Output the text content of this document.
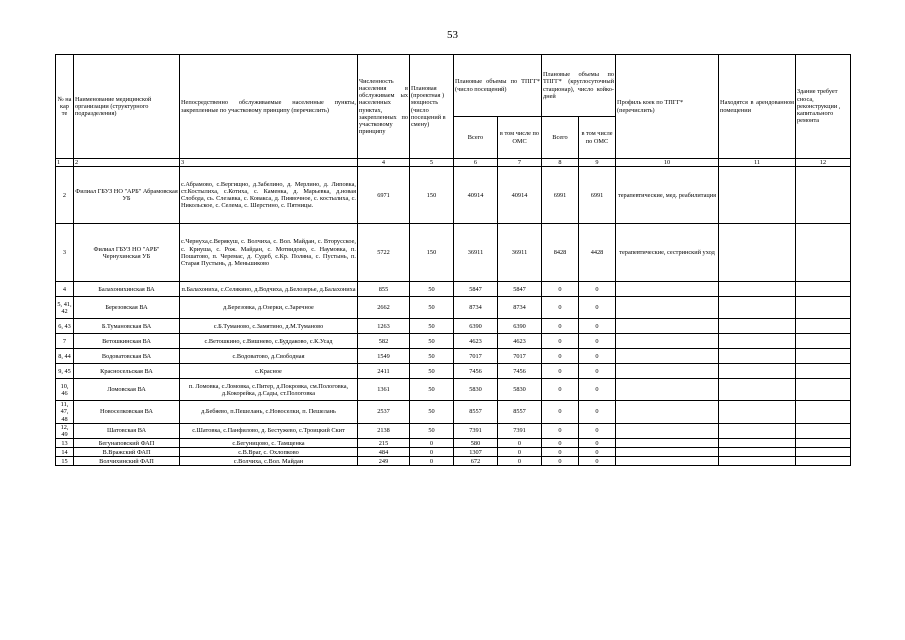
53
№ на кар те	Наименование медицинской организации (структурного подразделения)	Непосредственно обслуживаемые населенные пункты, закрепленные по участковому принципу (перечислить)	Численность населения в обслуживаем ых населенных пунктах, закрепленных по участковому принципу	Плановая (проектная ) мощность (число посещений в смену)	Плановые объемы по ТПГГ* (число посещений)		Плановые объемы по ТПГГ* (круглосуточный стационар), число койко-дней		Профиль коек по ТПГГ* (перечислить)	Находятся в арендованном помещении	Здание требует сноса, реконструкции , капитального ремонта
					Всего	в том числе по ОМС	Всего	в том числе по ОМС			
1	2	3	4	5	6	7	8	9	10	11	12
2	Филиал ГБУЗ НО "АРБ" Абрамовская УБ	с.Абрамово, с.Вергищно, д.Забелино, д. Мерлино, д. Липовка, ст.Костылиха, с.Котиха, с. Каменка, д. Марьевка, д.новая Слобода, сь. Слезавка, с. Ковакса, д. Пиявочное, с. костылиха, с. Никольское, с. Селема, с. Шерстино, с. Пятницы.	6971	150	40914	40914	6991	6991	терапевтические, мед. реабилитация		
3	Филиал ГБУЗ НО "АРБ" Чернухинская УБ	с.Чернуха,с.Верякуш, с. Волчиха, с. Вол. Майдан, с. Вторусское, с. Криуша, с. Рож. Майдан, с. Мотвидово, с. Наумовка, п. Пошатово, п. Черемас, д. Судеб, с.Кр. Поляна, с. Пустынь, п. Старая Пустынь, д. Меньшиково	5722	150	36911	36911	8428	4428	терапевтические, сестринский уход		
4	Балахонихинская ВА	п.Балахониха, с.Селякино, д.Водчиха, д.Белозерье, д.Балахониха	855	50	5847	5847	0	0			
5, 41, 42	Березовская ВА	д.Березовка, д.Озерки, с.Заречное	2662	50	8734	8734	0	0			
6, 43	Б.Тумановская ВА	с.Б.Туманово, с.Замятино, д.М.Туманово	1263	50	6390	6390	0	0			
7	Ветошкинская ВА	с.Ветошкино, с.Вишнево, с.Буддаково, с.К.Усад	582	50	4623	4623	0	0			
8, 44	Водоватовская ВА	с.Водоватово, д.Свободная	1549	50	7017	7017	0	0			
9, 45	Красносельская ВА	с.Красное	2411	50	7456	7456	0	0			
10, 46	Ломовская ВА	п. Ломовка, с.Ломовка, с.Питер, д.Покровка, см.Пологовка, д.Кокорейка, д.Сады, ст.Пологовка	1361	50	5830	5830	0	0			
11, 47, 48	Новоселковская ВА	д.Бебяево, п.Пешелань, с.Новоселки, п. Пешелань	2537	50	8557	8557	0	0			
12, 49	Шатовская ВА	с.Шатовка, с.Панфилово, д. Бестужево, с.Троицкий Скит	2138	50	7391	7391	0	0			
13	Бегунаповский ФАП	с.Бегуницово, с. Тамщенка	215	0	580	0	0	0			
14	В.Вражский ФАП	с.В.Враг, с. Охлопково	484	0	1307	0	0	0			
15	Волчихинский ФАП	с.Волчиха, с.Вол. Майдан	249	0	672	0	0	0			
